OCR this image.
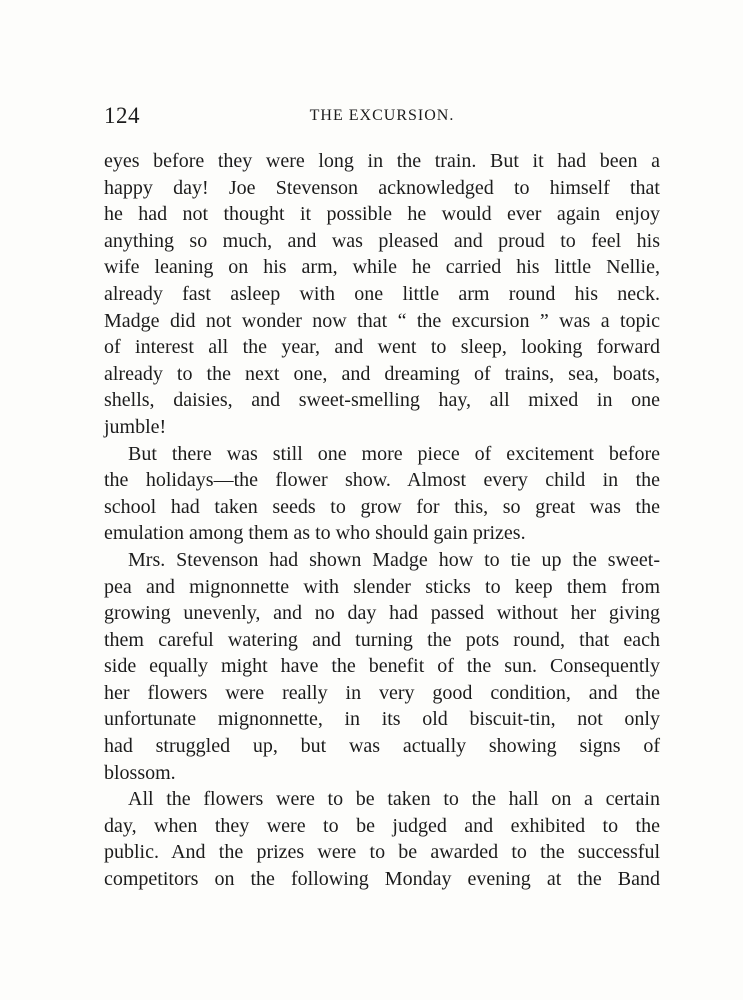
124	THE EXCURSION.
eyes before they were long in the train. But it had been a
happy day! Joe Stevenson acknowledged to himself that
he had not thought it possible he would ever again enjoy
anything so much, and was pleased and proud to feel his
wife leaning on his arm, while he carried his little Nellie,
already fast asleep with one little arm round his neck.
Madge did not wonder now that “ the excursion ” was a topic
of interest all the year, and went to sleep, looking forward
already to the next one, and dreaming of trains, sea, boats,
shells, daisies, and sweet-smelling hay, all mixed in one
jumble!
But there was still one more piece of excitement before
the holidays—the flower show. Almost every child in the
school had taken seeds to grow for this, so great was the
emulation among them as to who should gain prizes.
Mrs. Stevenson had shown Madge how to tie up the sweet-
pea and mignonnette with slender sticks to keep them from
growing unevenly, and no day had passed without her giving
them careful watering and turning the pots round, that each
side equally might have the benefit of the sun. Consequently
her flowers were really in very good condition, and the
unfortunate mignonnette, in its old biscuit-tin, not only
had struggled up, but was actually showing signs of
blossom.
All the flowers were to be taken to the hall on a certain
day, when they were to be judged and exhibited to the
public. And the prizes were to be awarded to the successful
competitors on the following Monday evening at the Band
